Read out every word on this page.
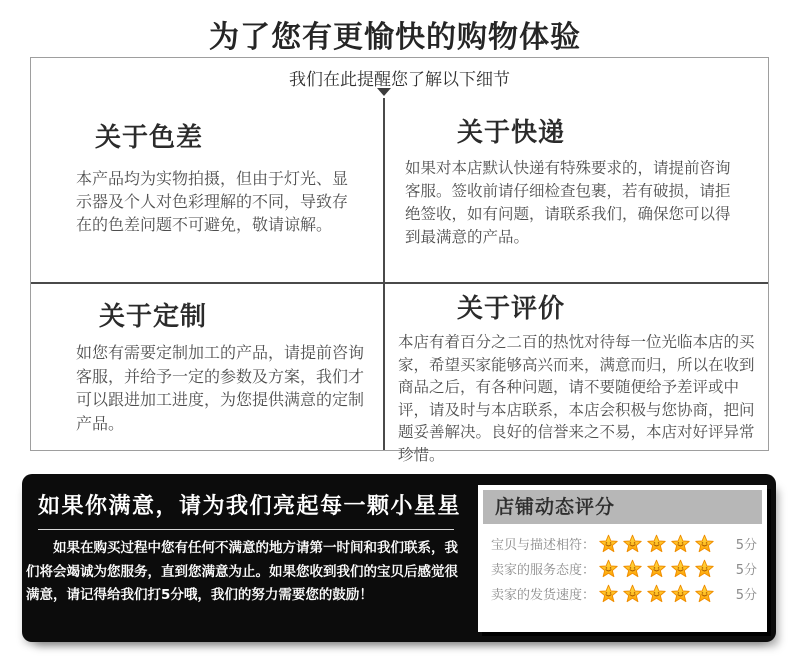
为了您有更愉快的购物体验

我们在此提醒您了解以下细节

关于色差

本产品均为实物拍摄，但由于灯光、显示器及个人对色彩理解的不同，导致存在的色差问题不可避免，敬请谅解。

关于快递

如果对本店默认快递有特殊要求的，请提前咨询客服。签收前请仔细检查包裹，若有破损，请拒绝签收，如有问题，请联系我们，确保您可以得到最满意的产品。

关于定制

如您有需要定制加工的产品，请提前咨询客服，并给予一定的参数及方案，我们才可以跟进加工进度，为您提供满意的定制产品。

关于评价

本店有着百分之二百的热忱对待每一位光临本店的买家，希望买家能够高兴而来，满意而归，所以在收到商品之后，有各种问题，请不要随便给予差评或中评，请及时与本店联系，本店会积极与您协商，把问题妥善解决。良好的信誉来之不易，本店对好评异常珍惜。

如果你满意，请为我们亮起每一颗小星星

如果在购买过程中您有任何不满意的地方请第一时间和我们联系，我们将会竭诚为您服务，直到您满意为止。如果您收到我们的宝贝后感觉很满意，请记得给我们打5分哦，我们的努力需要您的鼓励！

店铺动态评分
宝贝与描述相符：	5分
卖家的服务态度：	5分
卖家的发货速度：	5分
